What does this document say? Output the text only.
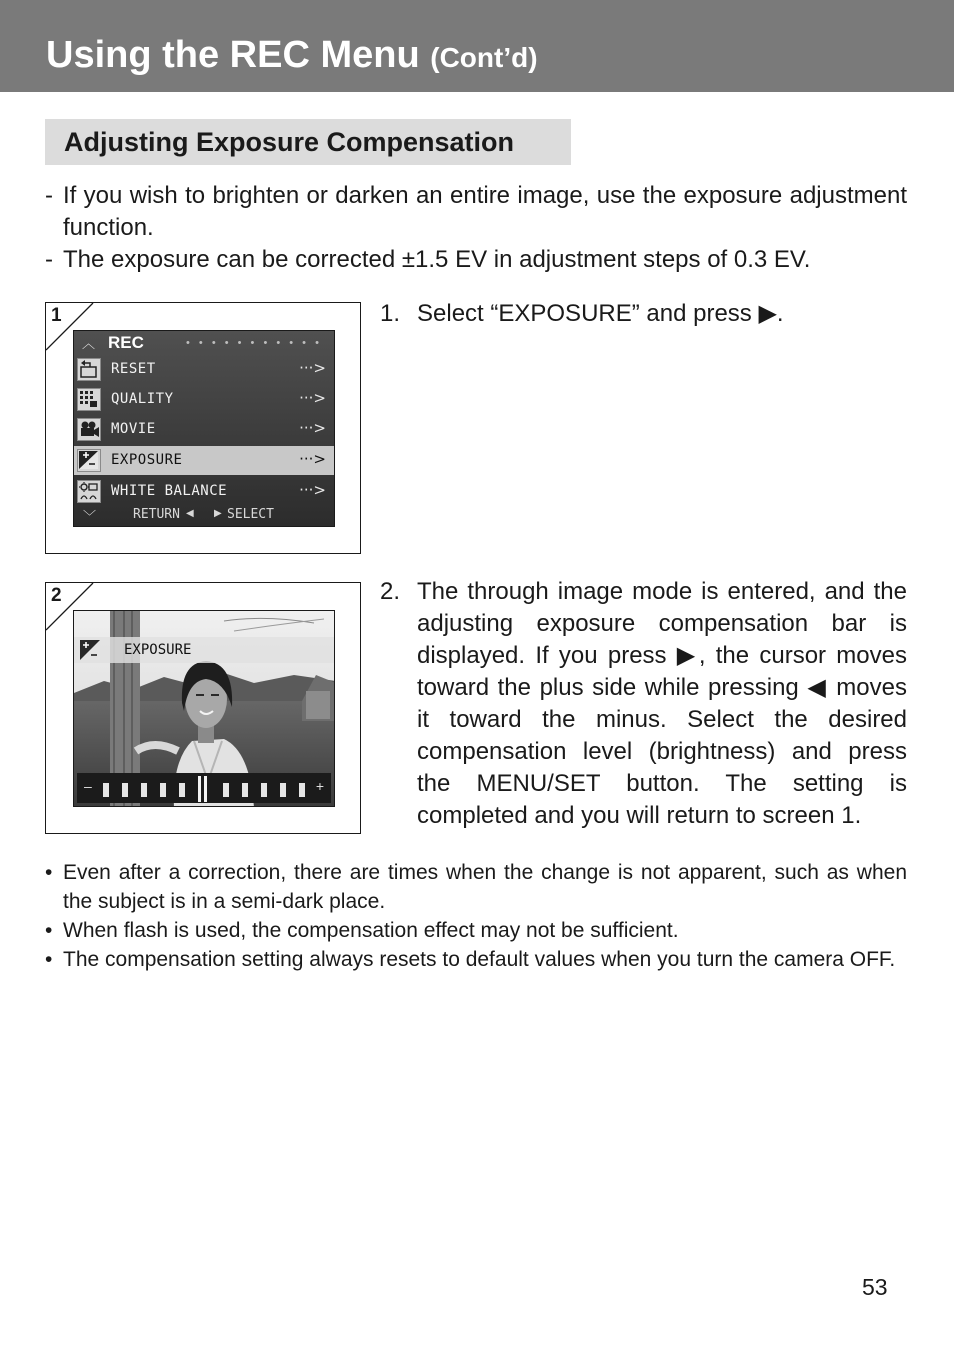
Using the REC Menu (Cont’d)
Adjusting Exposure Compensation
- If you wish to brighten or darken an entire image, use the exposure adjustment function.
- The exposure can be corrected ±1.5 EV in adjustment steps of 0.3 EV.
1
︿ REC	• • • • • • • • • • •
RESET	···>
QUALITY	···>
MOVIE	···>
EXPOSURE	···>
WHITE BALANCE	···>
﹀	RETURN ◀ ▶ SELECT
2
EXPOSURE
–	+
1. Select “EXPOSURE” and press ▶.
2. The through image mode is entered, and the adjusting exposure compensation bar is displayed. If you press ▶, the cursor moves toward the plus side while pressing ◀ moves it toward the minus. Select the desired compensation level (brightness) and press the MENU/SET button. The setting is completed and you will return to screen 1.
• Even after a correction, there are times when the change is not apparent, such as when the subject is in a semi-dark place.
• When flash is used, the compensation effect may not be sufficient.
• The compensation setting always resets to default values when you turn the camera OFF.
53
